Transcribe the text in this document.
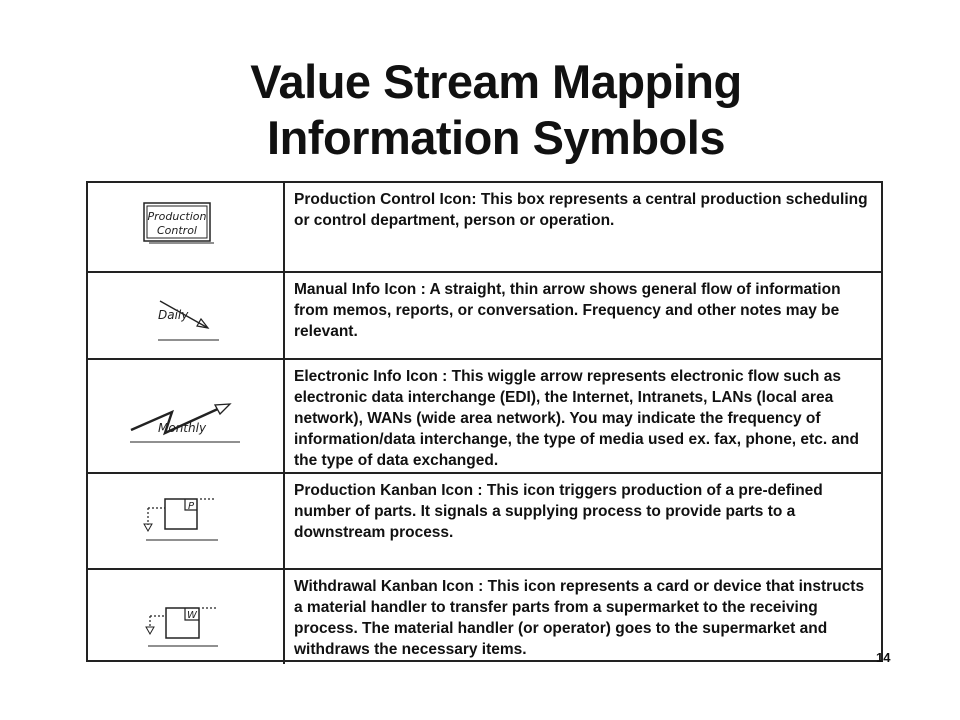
Value Stream Mapping
Information Symbols
Production
Control
Production Control Icon: This box represents a central production scheduling or control department, person or operation.
Daily
Manual Info Icon : A straight, thin arrow shows general flow of information from memos, reports, or conversation. Frequency and other notes may be relevant.
Monthly
Electronic Info Icon : This wiggle arrow represents electronic flow such as electronic data interchange (EDI), the Internet, Intranets, LANs (local area network), WANs (wide area network). You may indicate the frequency of information/data interchange, the type of media used ex. fax, phone, etc. and the type of data exchanged.
P
Production Kanban Icon : This icon triggers production of a pre-defined number of parts. It signals a supplying process to provide parts to a downstream process.
W
Withdrawal Kanban Icon : This icon represents a card or device that instructs a material handler to transfer parts from a supermarket to the receiving process. The material handler (or operator) goes to the supermarket and withdraws the necessary items.	14
